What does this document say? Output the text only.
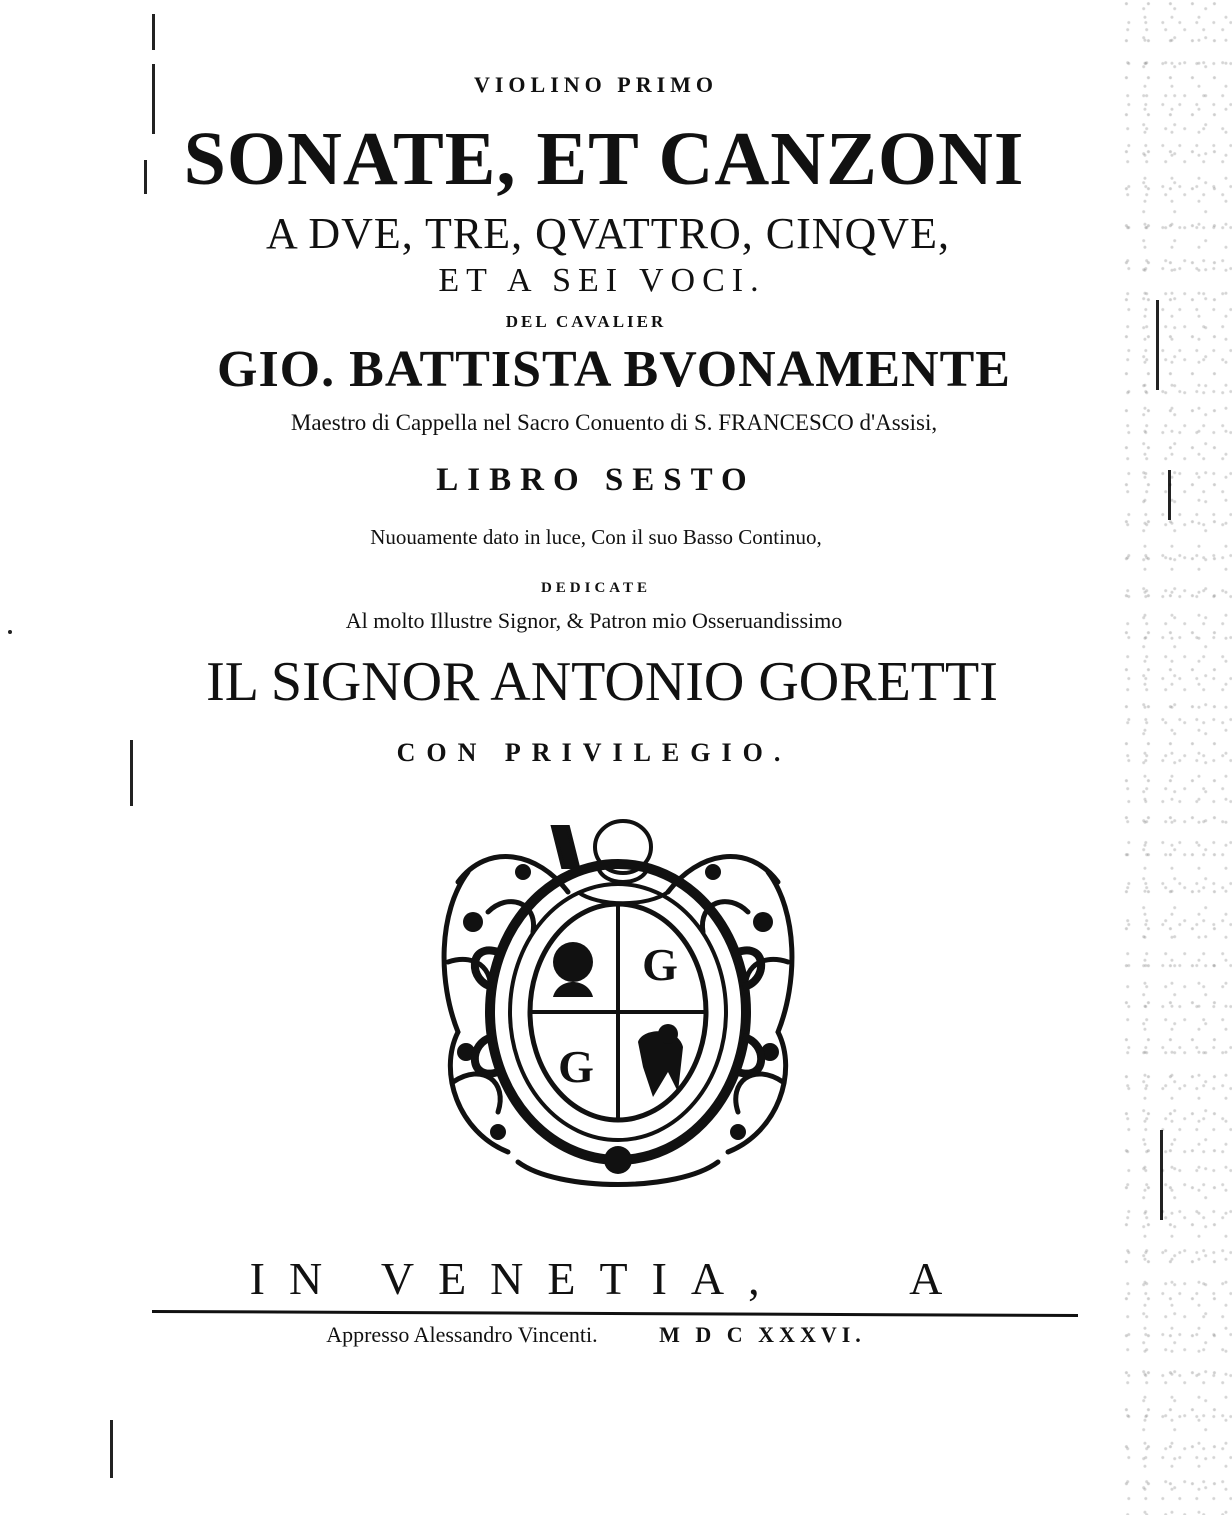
VIOLINO PRIMO
SONATE, ET CANZONI
A DVE, TRE, QVATTRO, CINQVE,
ET A SEI VOCI.
DEL CAVALIER
GIO. BATTISTA BVONAMENTE
Maestro di Cappella nel Sacro Conuento di S. FRANCESCO d'Assisi,
LIBRO SESTO
Nuouamente dato in luce, Con il suo Basso Continuo,
DEDICATE
Al molto Illustre Signor, & Patron mio Osseruandissimo
IL SIGNOR ANTONIO GORETTI
CON PRIVILEGIO.
G
G
IN VENETIA,	A
Appresso Alessandro Vincenti.	M D C XXXVI.
